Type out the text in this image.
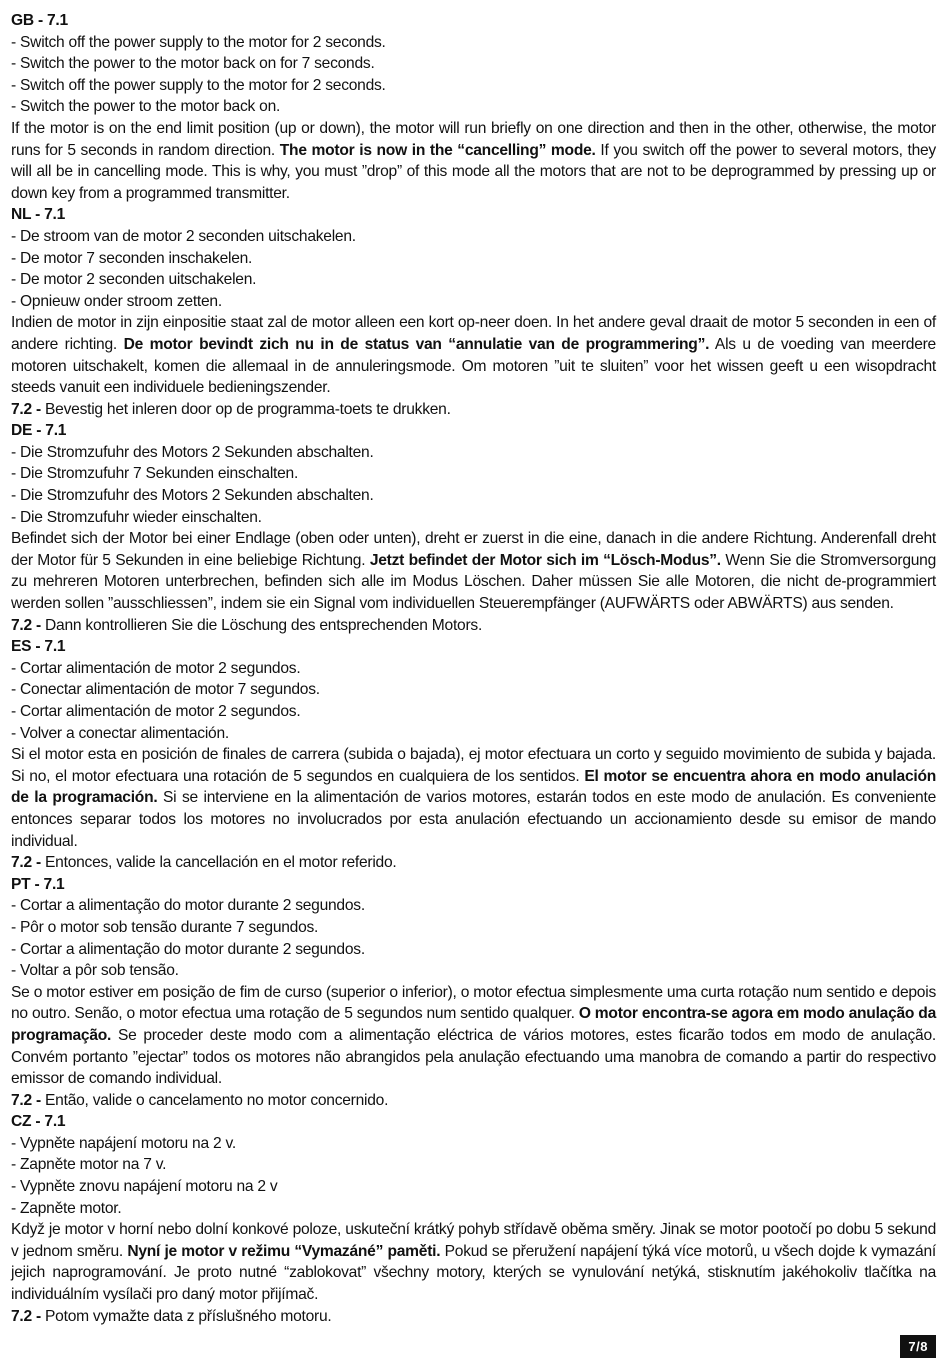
GB - 7.1
- Switch off the power supply to the motor for 2 seconds.
- Switch the power to the motor back on for 7 seconds.
- Switch off the power supply to the motor for 2 seconds.
- Switch the power to the motor back on.

If the motor is on the end limit position (up or down), the motor will run briefly on one direction and then in the other, otherwise, the motor runs for 5 seconds in random direction. The motor is now in the “cancelling” mode. If you switch off the power to several motors, they will all be in cancelling mode. This is why, you must ”drop” of this mode all the motors that are not to be deprogrammed by pressing up or down key from a programmed transmitter.

NL - 7.1
- De stroom van de motor 2 seconden uitschakelen.
- De motor 7 seconden inschakelen.
- De motor 2 seconden uitschakelen.
- Opnieuw onder stroom zetten.

Indien de motor in zijn einpositie staat zal de motor alleen een kort op-neer doen. In het andere geval draait de motor 5 seconden in een of andere richting. De motor bevindt zich nu in de status van “annulatie van de programmering”. Als u de voeding van meerdere motoren uitschakelt, komen die allemaal in de annuleringsmode. Om motoren ”uit te sluiten” voor het wissen geeft u een wisopdracht steeds vanuit een individuele bedieningszender.

7.2 - Bevestig het inleren door op de programma-toets te drukken.
DE - 7.1
- Die Stromzufuhr des Motors 2 Sekunden abschalten.
- Die Stromzufuhr 7 Sekunden einschalten.
- Die Stromzufuhr des Motors 2 Sekunden abschalten.
- Die Stromzufuhr wieder einschalten.

Befindet sich der Motor bei einer Endlage (oben oder unten), dreht er zuerst in die eine, danach in die andere Richtung. Anderenfall dreht der Motor für 5 Sekunden in eine beliebige Richtung. Jetzt befindet der Motor sich im “Lösch-Modus”. Wenn Sie die Stromversorgung zu mehreren Motoren unterbrechen, befinden sich alle im Modus Löschen. Daher müssen Sie alle Motoren, die nicht de-programmiert werden sollen ”ausschliessen”, indem sie ein Signal vom individuellen Steuerempfänger (AUFWÄRTS oder ABWÄRTS) aus senden.

7.2 - Dann kontrollieren Sie die Löschung des entsprechenden Motors.
ES - 7.1
- Cortar alimentación de motor 2 segundos.
- Conectar alimentación de motor 7 segundos.
- Cortar alimentación de motor 2 segundos.
- Volver a conectar alimentación.

Si el motor esta en posición de finales de carrera (subida o bajada), ej motor efectuara un corto y seguido movimiento de subida y bajada. Si no, el motor efectuara una rotación de 5 segundos en cualquiera de los sentidos. El motor se encuentra ahora en modo anulación de la programación. Si se interviene en la alimentación de varios motores, estarán todos en este modo de anulación. Es conveniente entonces separar todos los motores no involucrados por esta anulación efectuando un accionamiento desde su emisor de mando individual.

7.2 - Entonces, valide la cancellación en el motor referido.
PT - 7.1
- Cortar a alimentação do motor durante 2 segundos.
- Pôr o motor sob tensão durante 7 segundos.
- Cortar a alimentação do motor durante 2 segundos.
- Voltar a pôr sob tensão.

Se o motor estiver em posição de fim de curso (superior o inferior), o motor efectua simplesmente uma curta rotação num sentido e depois no outro. Senão, o motor efectua uma rotação de 5 segundos num sentido qualquer. O motor encontra-se agora em modo anulação da programação. Se proceder deste modo com a alimentação eléctrica de vários motores, estes ficarão todos em modo de anulação. Convém portanto ”ejectar” todos os motores não abrangidos pela anulação efectuando uma manobra de comando a partir do respectivo emissor de comando individual.

7.2 - Então, valide o cancelamento no motor concernido.
CZ - 7.1
- Vypněte napájení motoru na 2 v.
- Zapněte motor na 7 v.
- Vypněte znovu napájení motoru na 2 v
- Zapněte motor.

Když je motor v horní nebo dolní konkové poloze, uskuteční krátký pohyb střídavě oběma směry. Jinak se motor pootočí po dobu 5 sekund v jednom směru. Nyní je motor v režimu “Vymazáné” paměti. Pokud se přeružení napájení týká více motorů, u všech dojde k vymazání jejich naprogramování. Je proto nutné “zablokovat” všechny motory, kterých se vynulování netýká, stisknutím jakéhokoliv tlačítka na individuálním vysílači pro daný motor přijímač.

7.2 - Potom vymažte data z příslušného motoru.
7/8
